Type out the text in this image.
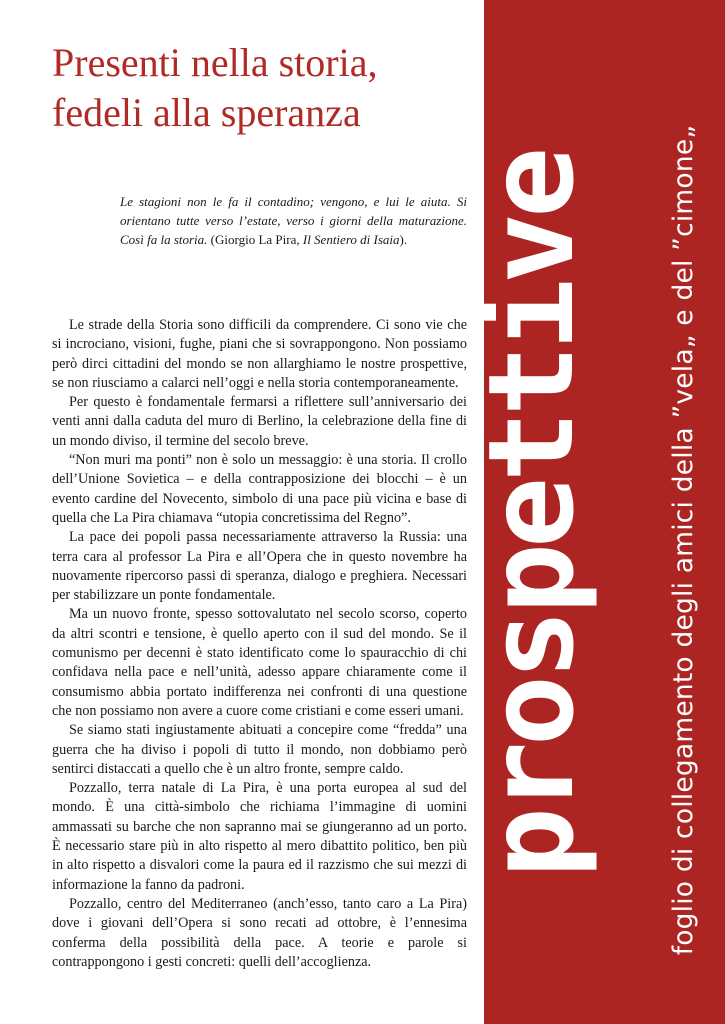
Presenti nella storia,
fedeli alla speranza
Le stagioni non le fa il contadino; vengono, e lui le aiuta. Si orientano tutte verso l’estate, verso i giorni della maturazione. Così fa la storia. (Giorgio La Pira, Il Sentiero di Isaia).

Le strade della Storia sono difficili da comprendere. Ci sono vie che si incrociano, visioni, fughe, piani che si sovrappongono. Non possiamo però dirci cittadini del mondo se non allarghiamo le nostre prospettive, se non riusciamo a calarci nell’oggi e nella storia contemporaneamente.

Per questo è fondamentale fermarsi a riflettere sull’anniversario dei venti anni dalla caduta del muro di Berlino, la celebrazione della fine di un mondo diviso, il termine del secolo breve.

“Non muri ma ponti” non è solo un messaggio: è una storia. Il crollo dell’Unione Sovietica – e della contrapposizione dei blocchi – è un evento cardine del Novecento, simbolo di una pace più vicina e base di quella che La Pira chiamava “utopia concretissima del Regno”.

La pace dei popoli passa necessariamente attraverso la Russia: una terra cara al professor La Pira e all’Opera che in questo novembre ha nuovamente ripercorso passi di speranza, dialogo e preghiera. Necessari per stabilizzare un ponte fondamentale.

Ma un nuovo fronte, spesso sottovalutato nel secolo scorso, coperto da altri scontri e tensione, è quello aperto con il sud del mondo. Se il comunismo per decenni è stato identificato come lo spauracchio di chi confidava nella pace e nell’unità, adesso appare chiaramente come il consumismo abbia portato indifferenza nei confronti di una questione che non possiamo non avere a cuore come cristiani e come esseri umani.

Se siamo stati ingiustamente abituati a concepire come “fredda” una guerra che ha diviso i popoli di tutto il mondo, non dobbiamo però sentirci distaccati a quello che è un altro fronte, sempre caldo.

Pozzallo, terra natale di La Pira, è una porta europea al sud del mondo. È una città-simbolo che richiama l’immagine di uomini ammassati su barche che non sapranno mai se giungeranno ad un porto. È necessario stare più in alto rispetto al mero dibattito politico, ben più in alto rispetto a disvalori come la paura ed il razzismo che sui mezzi di informazione la fanno da padroni.

Pozzallo, centro del Mediterraneo (anch’esso, tanto caro a La Pira) dove i giovani dell’Opera si sono recati ad ottobre, è l’ennesima conferma della possibilità della pace. A teorie e parole si contrappongono i gesti concreti: quelli dell’accoglienza.

prospettive	foglio di collegamento degli amici della ”vela„ e del ”cimone„
